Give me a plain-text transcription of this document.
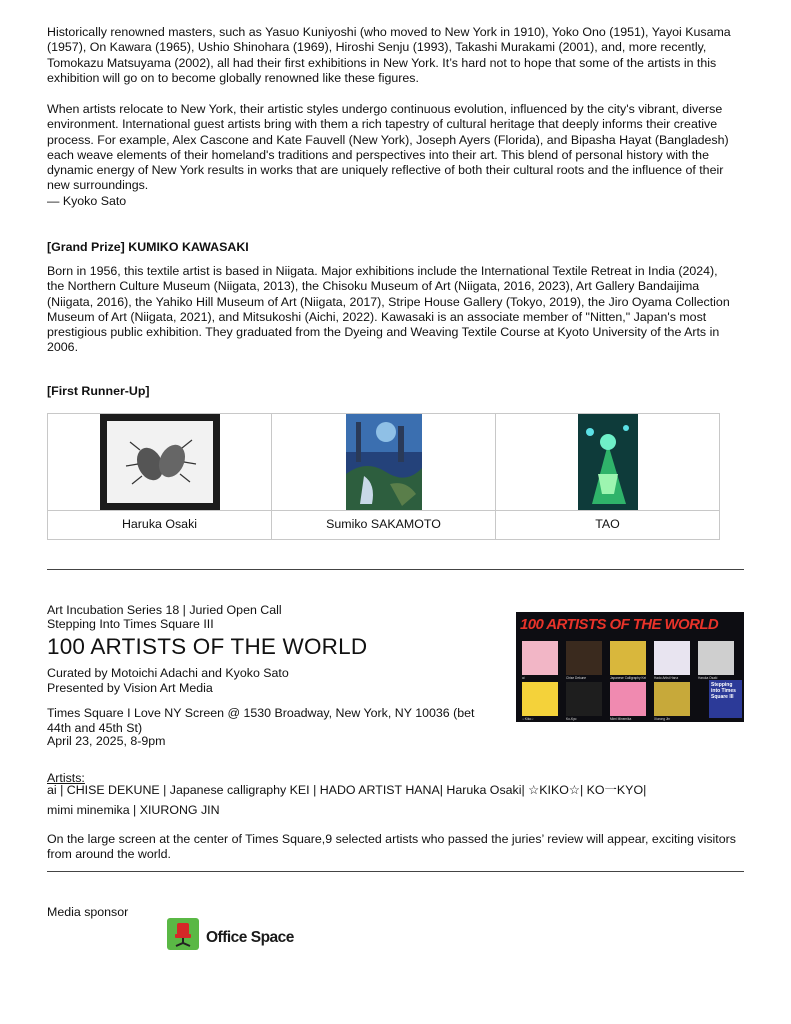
Historically renowned masters, such as Yasuo Kuniyoshi (who moved to New York in 1910), Yoko Ono (1951), Yayoi Kusama (1957), On Kawara (1965), Ushio Shinohara (1969), Hiroshi Senju (1993), Takashi Murakami (2001), and, more recently, Tomokazu Matsuyama (2002), all had their first exhibitions in New York. It’s hard not to hope that some of the artists in this exhibition will go on to become globally renowned like these figures.

When artists relocate to New York, their artistic styles undergo continuous evolution, influenced by the city's vibrant, diverse environment. International guest artists bring with them a rich tapestry of cultural heritage that deeply informs their creative process. For example, Alex Cascone and Kate Fauvell (New York), Joseph Ayers (Florida), and Bipasha Hayat (Bangladesh) each weave elements of their homeland's traditions and perspectives into their art. This blend of personal history with the dynamic energy of New York results in works that are uniquely reflective of both their cultural roots and the influence of their new surroundings.

— Kyoko Sato

[Grand Prize] KUMIKO KAWASAKI

Born in 1956, this textile artist is based in Niigata. Major exhibitions include the International Textile Retreat in India (2024), the Northern Culture Museum (Niigata, 2013), the Chisoku Museum of Art (Niigata, 2016, 2023), Art Gallery Bandaijima (Niigata, 2016), the Yahiko Hill Museum of Art (Niigata, 2017), Stripe House Gallery (Tokyo, 2019), the Jiro Oyama Collection Museum of Art (Niigata, 2021), and Mitsukoshi (Aichi, 2022). Kawasaki is an associate member of "Nitten," Japan's most prestigious public exhibition. They graduated from the Dyeing and Weaving Textile Course at Kyoto University of the Arts in 2006.

[First Runner-Up]

Haruka Osaki	Sumiko SAKAMOTO	TAO

Art Incubation Series 18 | Juried Open Call

Stepping Into Times Square III

100 ARTISTS OF THE WORLD

Curated by Motoichi Adachi and Kyoko Sato

Presented by Vision Art Media

Times Square I Love NY Screen @ 1530 Broadway, New York, NY 10036 (bet 44th and 45th St)

April 23, 2025, 8-9pm

100 ARTISTS OF THE WORLD
ai	Chise Dekune	Japanese Calligraphy Kei	Hado Artist Hana	Haruka Osaki
☆Kiko☆	Ko-Kyo	Mimi Minemika	Xiurong Jin
Stepping
into Times
Square III

Artists:

ai | CHISE DEKUNE | Japanese calligraphy KEI | HADO ARTIST HANA| Haruka Osaki| ☆KIKO☆| KO一KYO|

mimi minemika | XIURONG JIN

On the large screen at the center of Times Square,9 selected artists who passed the juries’ review will appear, exciting visitors from around the world.

Media sponsor

Office Space
